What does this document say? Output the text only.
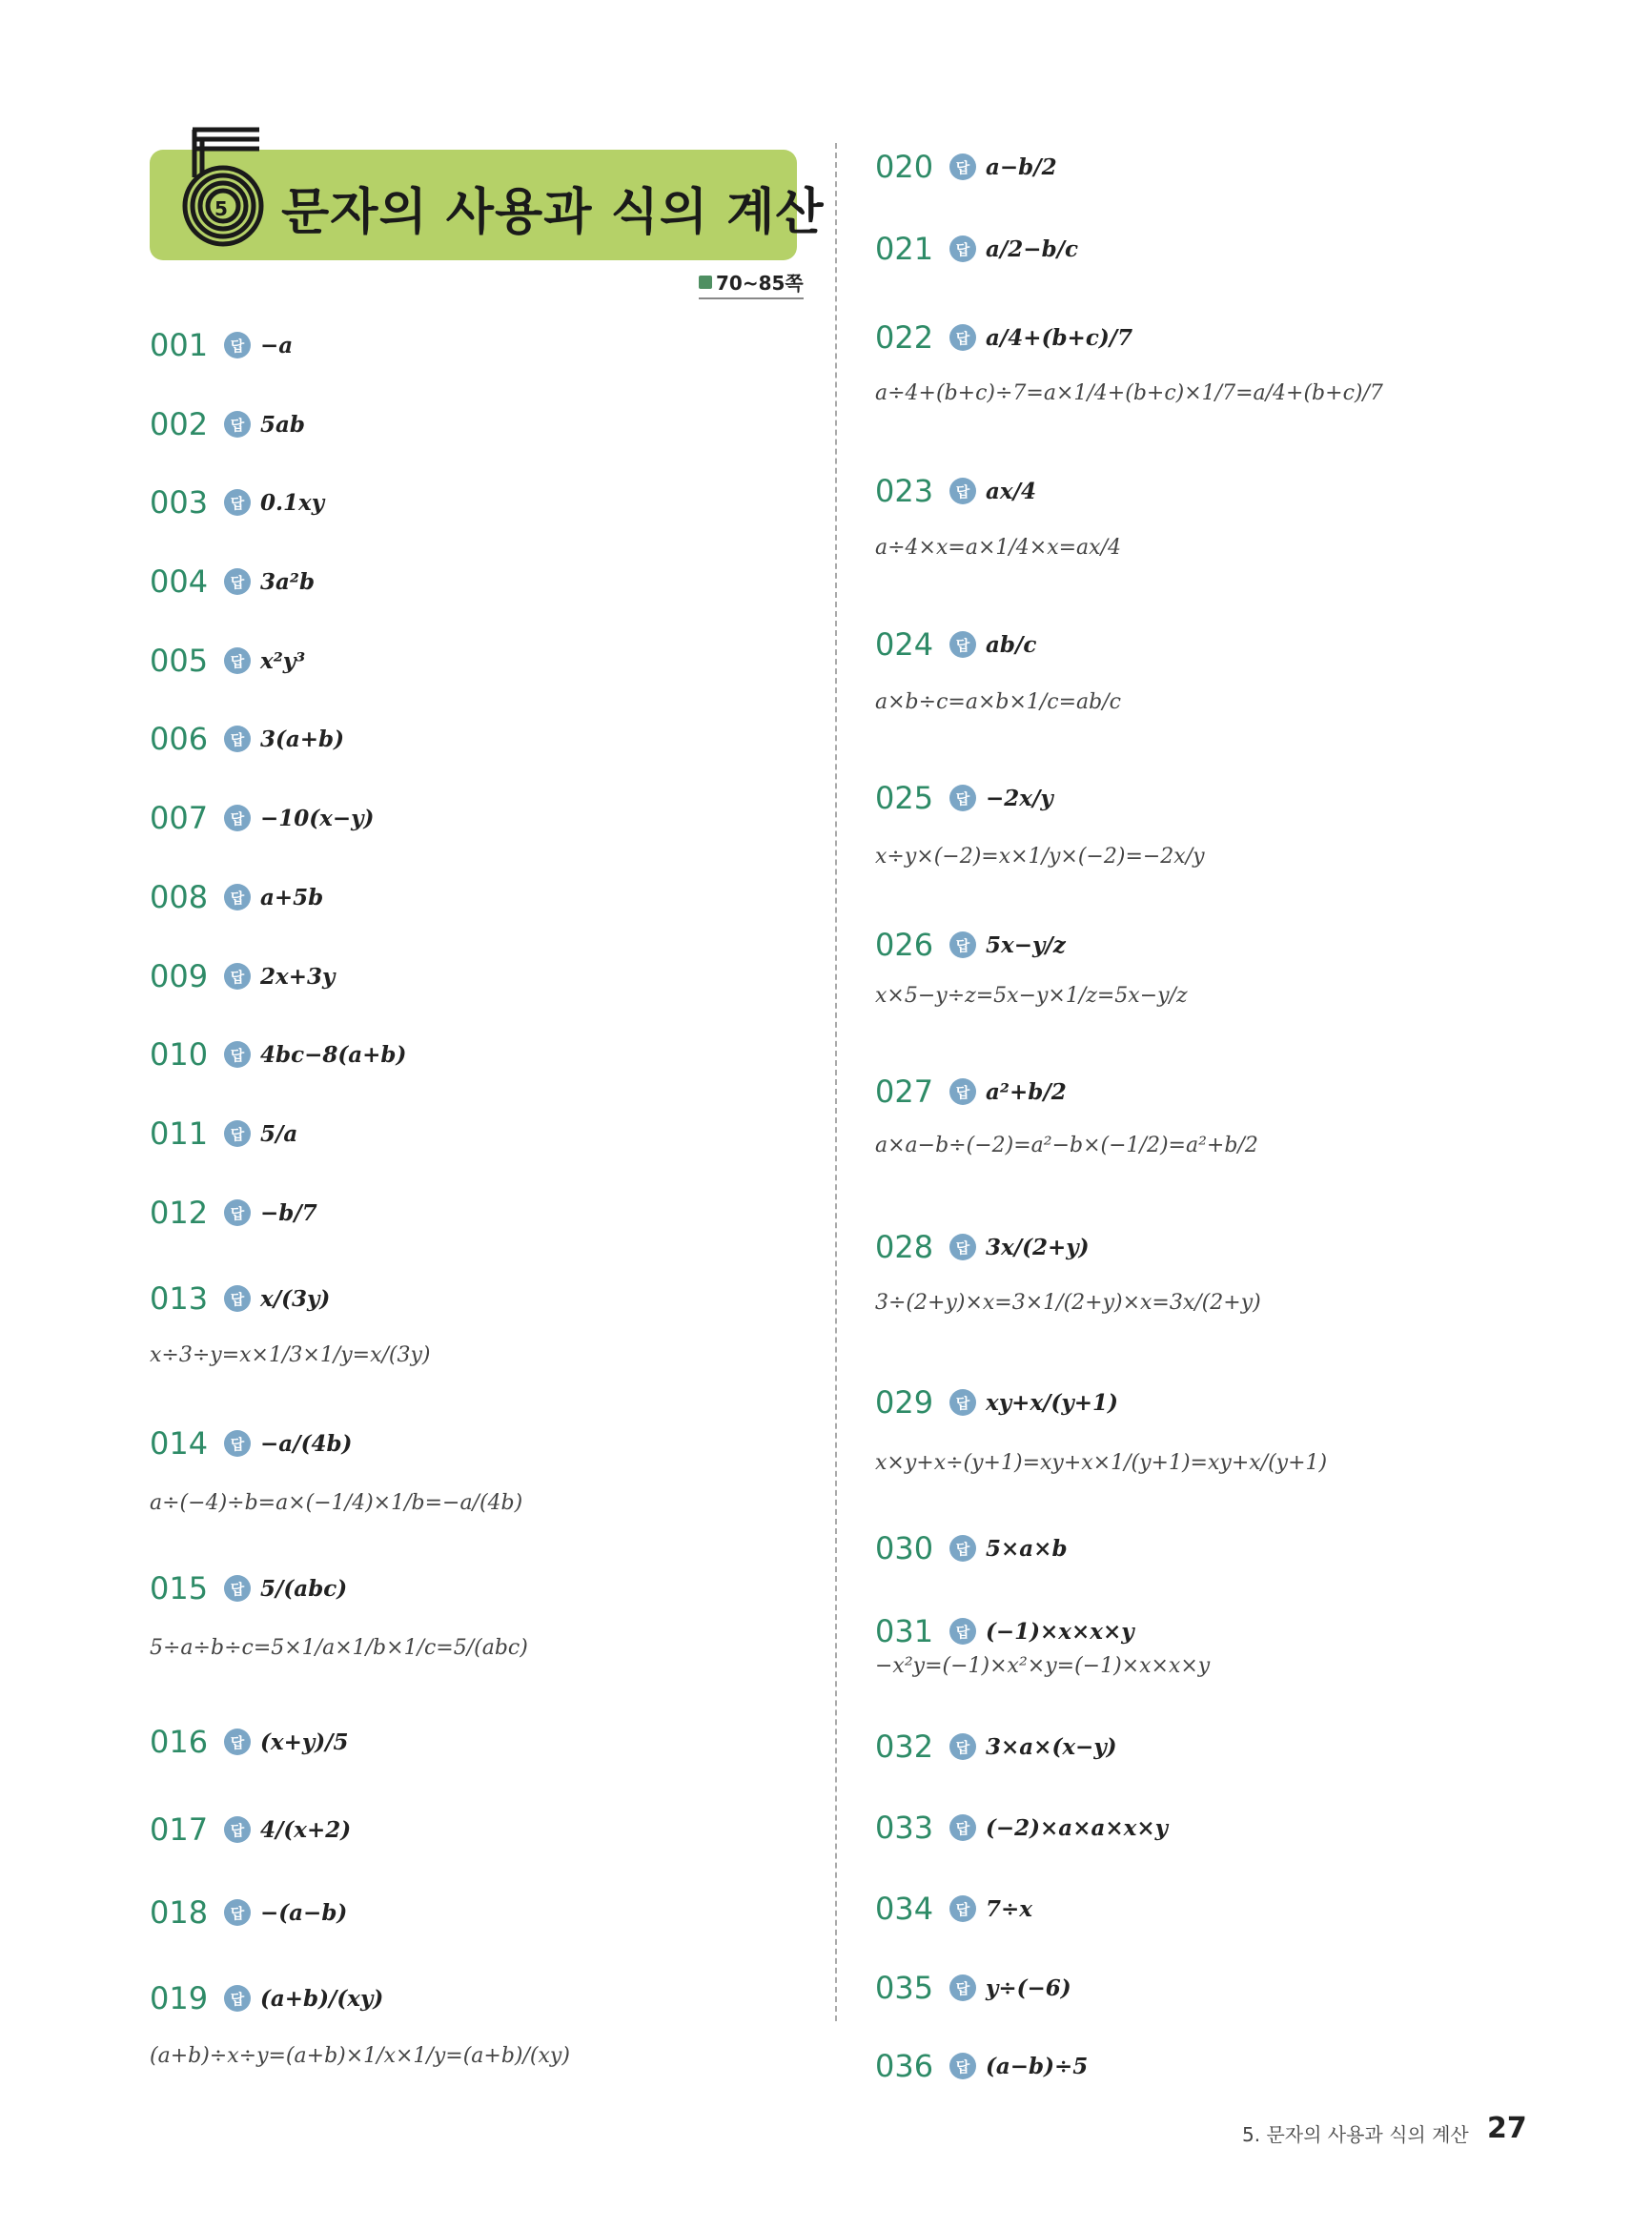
5 문자의 사용과 식의 계산
70~85쪽
001	답 −a
002	답 5ab
003	답 0.1xy
004	답 3a²b
005	답 x²y³
006	답 3(a+b)
007	답 −10(x−y)
008	답 a+5b
009	답 2x+3y
010	답 4bc−8(a+b)
011	답 5/a
012	답 −b/7
013	답 x/(3y)
x÷3÷y=x×1/3×1/y=x/(3y)
014	답 −a/(4b)
a÷(−4)÷b=a×(−1/4)×1/b=−a/(4b)
015	답 5/(abc)
5÷a÷b÷c=5×1/a×1/b×1/c=5/(abc)
016	답 (x+y)/5
017	답 4/(x+2)
018	답 −(a−b)
019	답 (a+b)/(xy)
(a+b)÷x÷y=(a+b)×1/x×1/y=(a+b)/(xy)
020	답 a−b/2
021	답 a/2−b/c
022	답 a/4+(b+c)/7
a÷4+(b+c)÷7=a×1/4+(b+c)×1/7=a/4+(b+c)/7
023	답 ax/4
a÷4×x=a×1/4×x=ax/4
024	답 ab/c
a×b÷c=a×b×1/c=ab/c
025	답 −2x/y
x÷y×(−2)=x×1/y×(−2)=−2x/y
026	답 5x−y/z
x×5−y÷z=5x−y×1/z=5x−y/z
027	답 a²+b/2
a×a−b÷(−2)=a²−b×(−1/2)=a²+b/2
028	답 3x/(2+y)
3÷(2+y)×x=3×1/(2+y)×x=3x/(2+y)
029	답 xy+x/(y+1)
x×y+x÷(y+1)=xy+x×1/(y+1)=xy+x/(y+1)
030	답 5×a×b
031	답 (−1)×x×x×y
−x²y=(−1)×x²×y=(−1)×x×x×y
032	답 3×a×(x−y)
033	답 (−2)×a×a×x×y
034	답 7÷x
035	답 y÷(−6)
036	답 (a−b)÷5
5. 문자의 사용과 식의 계산 27
